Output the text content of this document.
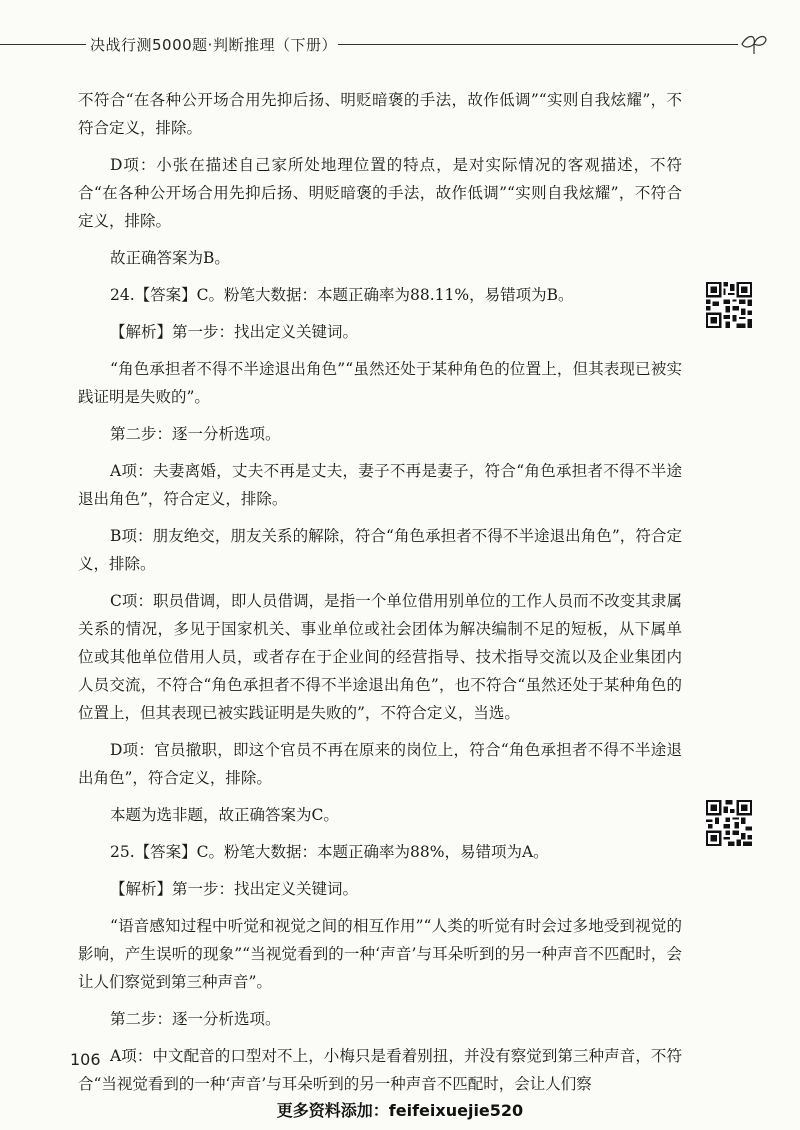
决战行测5000题·判断推理（下册）

不符合“在各种公开场合用先抑后扬、明贬暗褒的手法，故作低调”“实则自我炫耀”，不符合定义，排除。

D项：小张在描述自己家所处地理位置的特点，是对实际情况的客观描述，不符合“在各种公开场合用先抑后扬、明贬暗褒的手法，故作低调”“实则自我炫耀”，不符合定义，排除。

故正确答案为B。

24.【答案】C。粉笔大数据：本题正确率为88.11%，易错项为B。

【解析】第一步：找出定义关键词。

“角色承担者不得不半途退出角色”“虽然还处于某种角色的位置上，但其表现已被实践证明是失败的”。

第二步：逐一分析选项。

A项：夫妻离婚，丈夫不再是丈夫，妻子不再是妻子，符合“角色承担者不得不半途退出角色”，符合定义，排除。

B项：朋友绝交，朋友关系的解除，符合“角色承担者不得不半途退出角色”，符合定义，排除。

C项：职员借调，即人员借调，是指一个单位借用别单位的工作人员而不改变其隶属关系的情况，多见于国家机关、事业单位或社会团体为解决编制不足的短板，从下属单位或其他单位借用人员，或者存在于企业间的经营指导、技术指导交流以及企业集团内人员交流，不符合“角色承担者不得不半途退出角色”，也不符合“虽然还处于某种角色的位置上，但其表现已被实践证明是失败的”，不符合定义，当选。

D项：官员撤职，即这个官员不再在原来的岗位上，符合“角色承担者不得不半途退出角色”，符合定义，排除。

本题为选非题，故正确答案为C。

25.【答案】C。粉笔大数据：本题正确率为88%，易错项为A。

【解析】第一步：找出定义关键词。

“语音感知过程中听觉和视觉之间的相互作用”“人类的听觉有时会过多地受到视觉的影响，产生误听的现象”“当视觉看到的一种‘声音’与耳朵听到的另一种声音不匹配时，会让人们察觉到第三种声音”。

第二步：逐一分析选项。

A项：中文配音的口型对不上，小梅只是看着别扭，并没有察觉到第三种声音，不符合“当视觉看到的一种‘声音’与耳朵听到的另一种声音不匹配时，会让人们察

106
更多资料添加：feifeixuejie520
